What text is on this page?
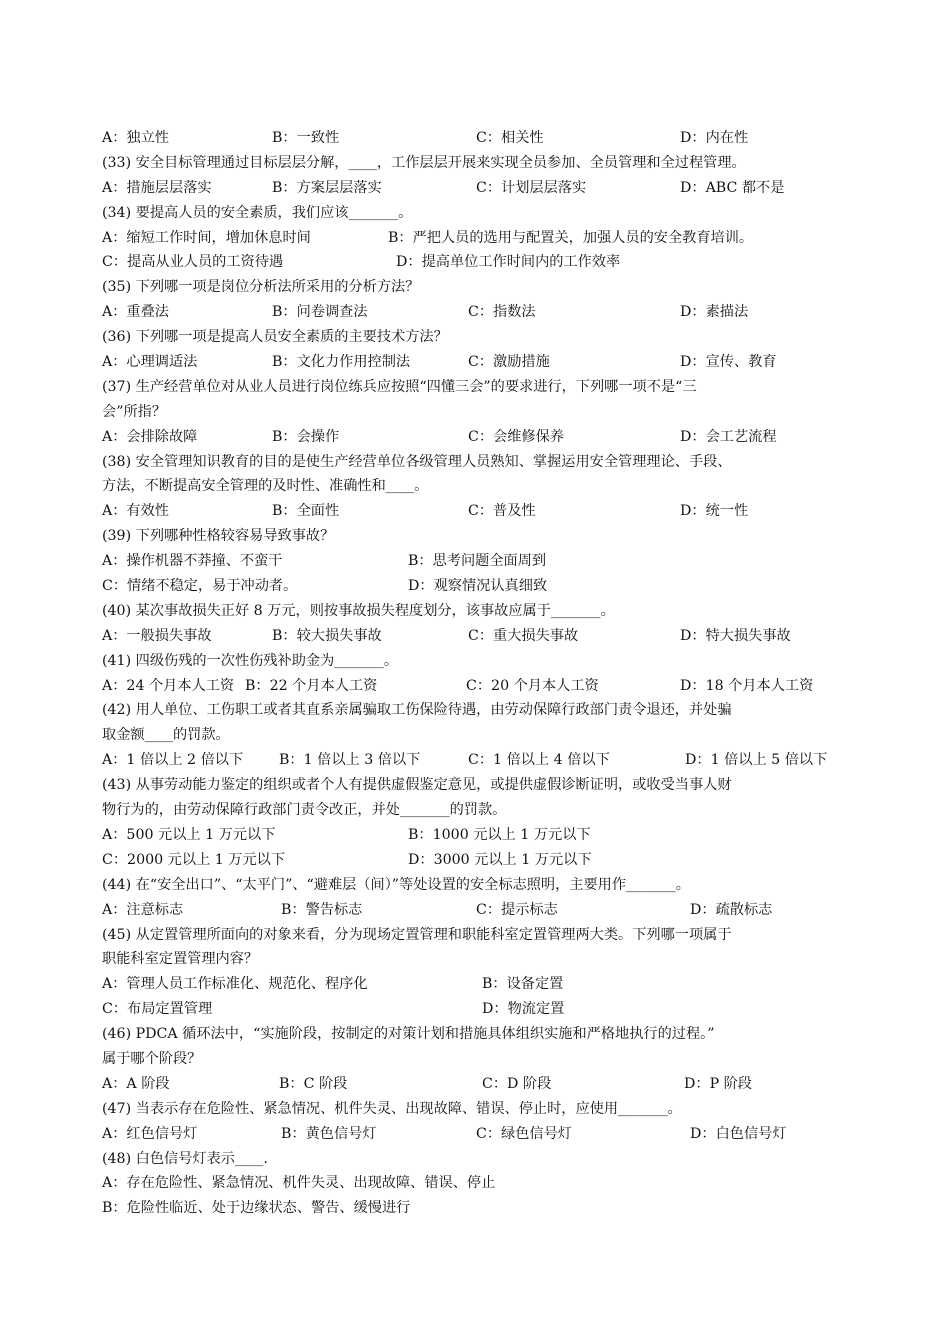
A：独立性	B：一致性	C：相关性	D：内在性
(33) 安全目标管理通过目标层层分解，____，工作层层开展来实现全员参加、全员管理和全过程管理。
A：措施层层落实	B：方案层层落实	C：计划层层落实	D：ABC 都不是
(34) 要提高人员的安全素质，我们应该_______。
A：缩短工作时间，增加休息时间	B：严把人员的选用与配置关，加强人员的安全教育培训。
C：提高从业人员的工资待遇	D：提高单位工作时间内的工作效率
(35) 下列哪一项是岗位分析法所采用的分析方法？
A：重叠法	B：问卷调查法	C：指数法	D：素描法
(36) 下列哪一项是提高人员安全素质的主要技术方法？
A：心理调适法	B：文化力作用控制法	C：激励措施	D：宣传、教育
(37) 生产经营单位对从业人员进行岗位练兵应按照“四懂三会”的要求进行，下列哪一项不是“三
会”所指？
A：会排除故障	B：会操作	C：会维修保养	D：会工艺流程
(38) 安全管理知识教育的目的是使生产经营单位各级管理人员熟知、掌握运用安全管理理论、手段、
方法，不断提高安全管理的及时性、准确性和____。
A：有效性	B：全面性	C：普及性	D：统一性
(39) 下列哪种性格较容易导致事故？
A：操作机器不莽撞、不蛮干	B：思考问题全面周到
C：情绪不稳定，易于冲动者。	D：观察情况认真细致
(40) 某次事故损失正好 8 万元，则按事故损失程度划分，该事故应属于_______。
A：一般损失事故	B：较大损失事故	C：重大损失事故	D：特大损失事故
(41) 四级伤残的一次性伤残补助金为_______。
A：24 个月本人工资 B：22 个月本人工资	C：20 个月本人工资	D：18 个月本人工资
(42) 用人单位、工伤职工或者其直系亲属骗取工伤保险待遇，由劳动保障行政部门责令退还，并处骗
取金额____的罚款。
A：1 倍以上 2 倍以下	B：1 倍以上 3 倍以下	C：1 倍以上 4 倍以下	D：1 倍以上 5 倍以下
(43) 从事劳动能力鉴定的组织或者个人有提供虚假鉴定意见，或提供虚假诊断证明，或收受当事人财
物行为的，由劳动保障行政部门责令改正，并处_______的罚款。
A：500 元以上 1 万元以下	B：1000 元以上 1 万元以下
C：2000 元以上 1 万元以下	D：3000 元以上 1 万元以下
(44) 在“安全出口”、“太平门”、“避难层（间）”等处设置的安全标志照明，主要用作_______。
A：注意标志	B：警告标志	C：提示标志	D：疏散标志
(45) 从定置管理所面向的对象来看，分为现场定置管理和职能科室定置管理两大类。下列哪一项属于
职能科室定置管理内容？
A：管理人员工作标准化、规范化、程序化	B：设备定置
C：布局定置管理	D：物流定置
(46) PDCA 循环法中，“实施阶段，按制定的对策计划和措施具体组织实施和严格地执行的过程。”
属于哪个阶段？
A：A 阶段	B：C 阶段	C：D 阶段	D：P 阶段
(47) 当表示存在危险性、紧急情况、机件失灵、出现故障、错误、停止时，应使用_______。
A：红色信号灯	B：黄色信号灯	C：绿色信号灯	D：白色信号灯
(48) 白色信号灯表示____.
A：存在危险性、紧急情况、机件失灵、出现故障、错误、停止
B：危险性临近、处于边缘状态、警告、缓慢进行
